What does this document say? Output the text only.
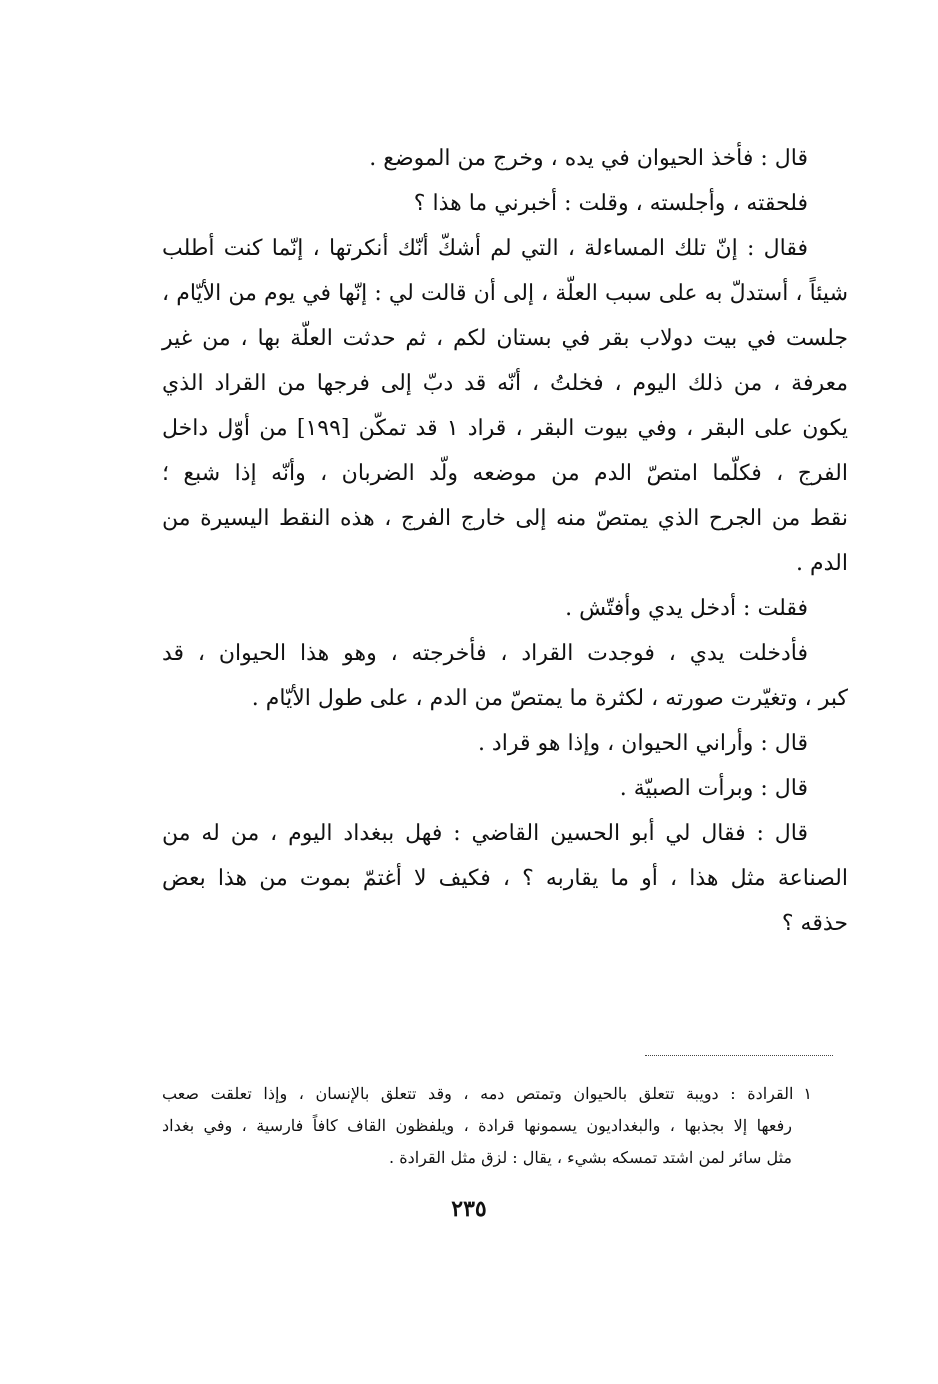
قال : فأخذ الحيوان في يده ، وخرج من الموضع .
فلحقته ، وأجلسته ، وقلت : أخبرني ما هذا ؟
فقال : إنّ تلك المساءلة ، التي لم أشكّ أنّك أنكرتها ، إنّما كنت أطلب
شيئاً ، أستدلّ به على سبب العلّة ، إلى أن قالت لي : إنّها في يوم من الأيّام ،
جلست في بيت دولاب بقر في بستان لكم ، ثم حدثت العلّة بها ، من غير
معرفة ، من ذلك اليوم ، فخلتُ ، أنّه قد دبّ إلى فرجها من القراد الذي
يكون على البقر ، وفي بيوت البقر ، قراد ١ قد تمكّن [١٩٩] من أوّل داخل
الفرج ، فكلّما امتصّ الدم من موضعه ولّد الضربان ، وأنّه إذا شبع ؛
نقط من الجرح الذي يمتصّ منه إلى خارج الفرج ، هذه النقط اليسيرة من
الدم .
فقلت : أدخل يدي وأفتّش .
فأدخلت يدي ، فوجدت القراد ، فأخرجته ، وهو هذا الحيوان ، قد
كبر ، وتغيّرت صورته ، لكثرة ما يمتصّ من الدم ، على طول الأيّام .
قال : وأراني الحيوان ، وإذا هو قراد .
قال : وبرأت الصبيّة .
قال : فقال لي أبو الحسين القاضي : فهل ببغداد اليوم ، من له من
الصناعة مثل هذا ، أو ما يقاربه ؟ ، فكيف لا أغتمّ بموت من هذا بعض
حذقه ؟
١القرادة : دويبة تتعلق بالحيوان وتمتص دمه ، وقد تتعلق بالإنسان ، وإذا تعلقت صعب
رفعها إلا بجذبها ، والبغداديون يسمونها قرادة ، ويلفظون القاف كافاً فارسية ، وفي بغداد
مثل سائر لمن اشتد تمسكه بشيء ، يقال : لزق مثل القرادة .
٢٣٥
